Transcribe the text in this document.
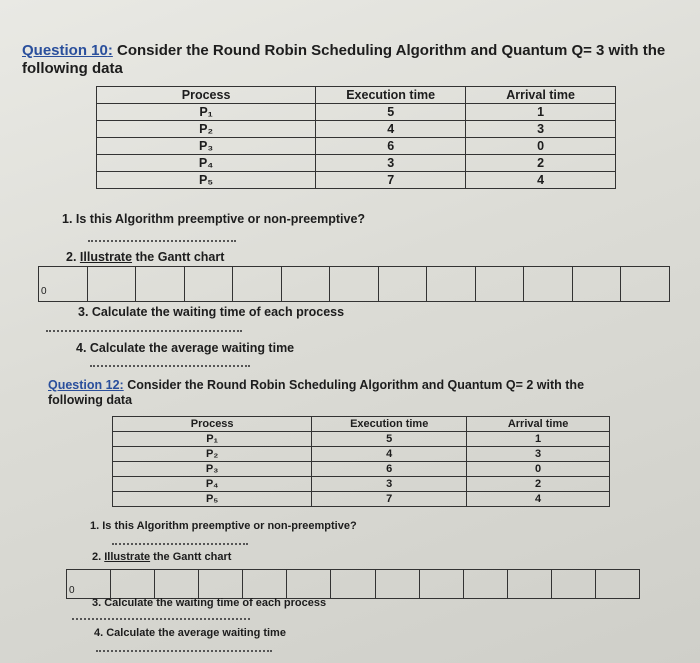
Question 10: Consider the Round Robin Scheduling Algorithm and Quantum Q= 3 with the
following data
Process	Execution time	Arrival time
P₁	5	1
P₂	4	3
P₃	6	0
P₄	3	2
P₅	7	4
1. Is this Algorithm preemptive or non-preemptive?
2. Illustrate the Gantt chart
0
3. Calculate the waiting time of each process
4. Calculate the average waiting time
Question 12: Consider the Round Robin Scheduling Algorithm and Quantum Q= 2 with the
following data
Process	Execution time	Arrival time
P₁	5	1
P₂	4	3
P₃	6	0
P₄	3	2
P₅	7	4
1. Is this Algorithm preemptive or non-preemptive?
2. Illustrate the Gantt chart
0
3. Calculate the waiting time of each process
4. Calculate the average waiting time
